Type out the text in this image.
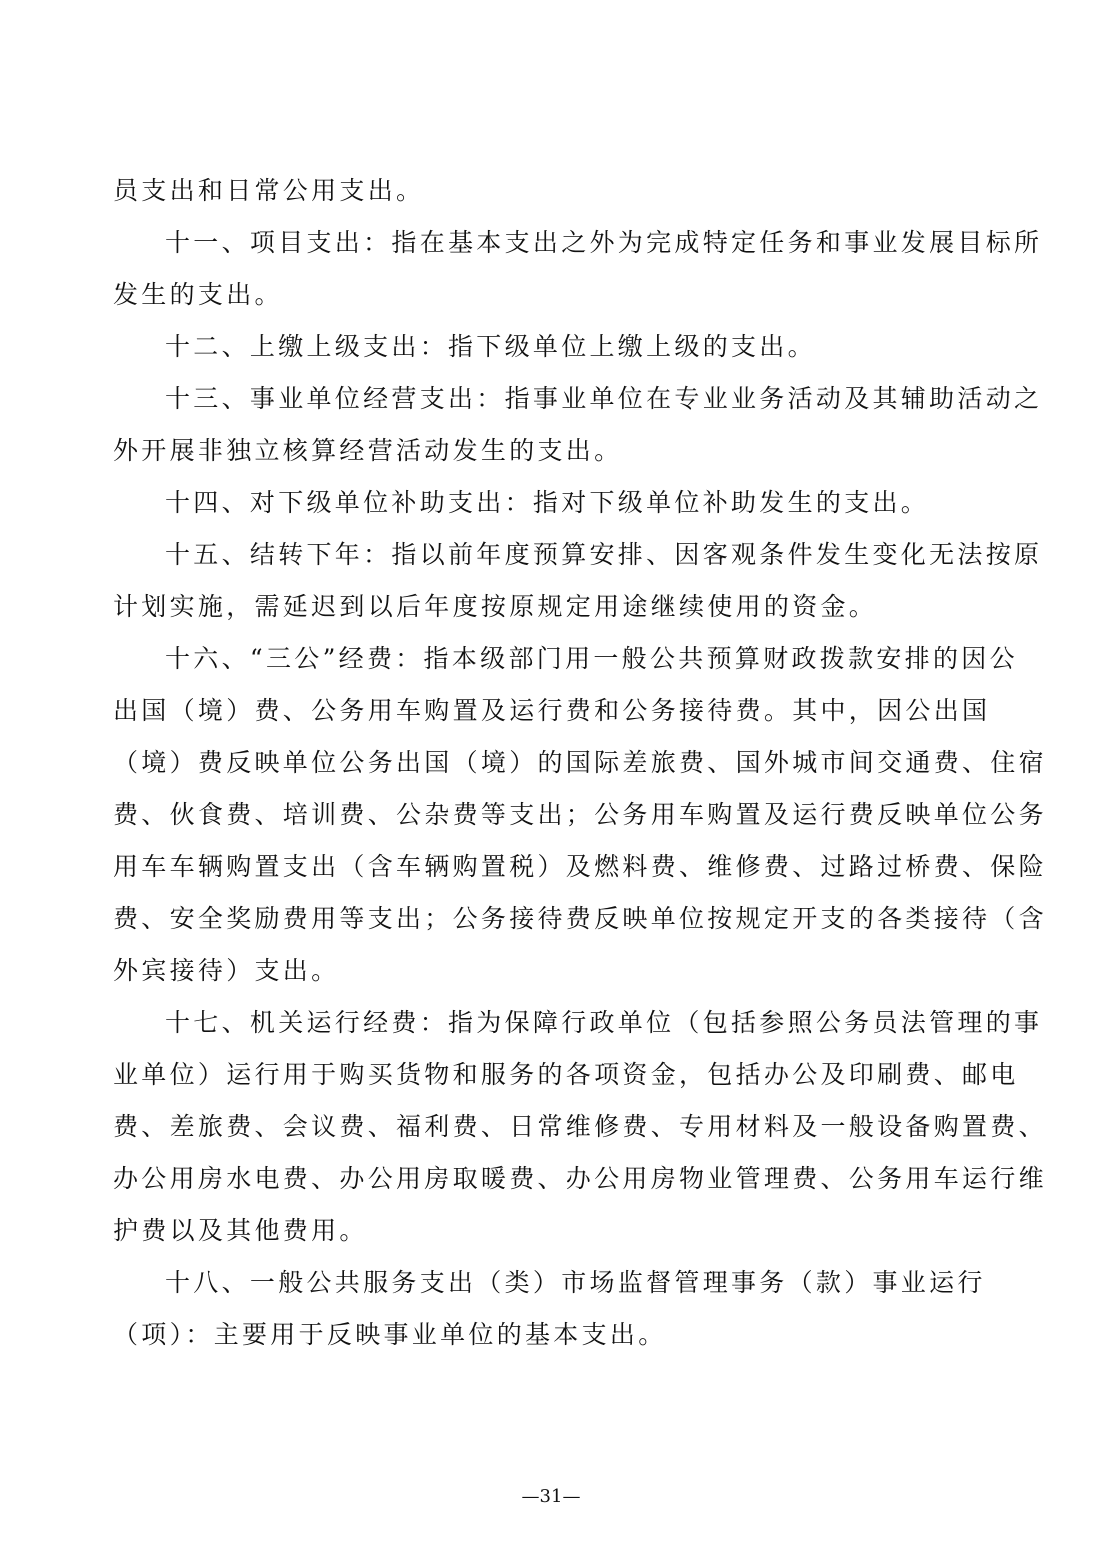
员支出和日常公用支出。
十一、项目支出：指在基本支出之外为完成特定任务和事业发展目标所
发生的支出。
十二、上缴上级支出：指下级单位上缴上级的支出。
十三、事业单位经营支出：指事业单位在专业业务活动及其辅助活动之
外开展非独立核算经营活动发生的支出。
十四、对下级单位补助支出：指对下级单位补助发生的支出。
十五、结转下年：指以前年度预算安排、因客观条件发生变化无法按原
计划实施，需延迟到以后年度按原规定用途继续使用的资金。
十六、“三公”经费：指本级部门用一般公共预算财政拨款安排的因公
出国（境）费、公务用车购置及运行费和公务接待费。其中，因公出国
（境）费反映单位公务出国（境）的国际差旅费、国外城市间交通费、住宿
费、伙食费、培训费、公杂费等支出；公务用车购置及运行费反映单位公务
用车车辆购置支出（含车辆购置税）及燃料费、维修费、过路过桥费、保险
费、安全奖励费用等支出；公务接待费反映单位按规定开支的各类接待（含
外宾接待）支出。
十七、机关运行经费：指为保障行政单位（包括参照公务员法管理的事
业单位）运行用于购买货物和服务的各项资金，包括办公及印刷费、邮电
费、差旅费、会议费、福利费、日常维修费、专用材料及一般设备购置费、
办公用房水电费、办公用房取暖费、办公用房物业管理费、公务用车运行维
护费以及其他费用。
十八、一般公共服务支出（类）市场监督管理事务（款）事业运行
（项）：主要用于反映事业单位的基本支出。
—31—
